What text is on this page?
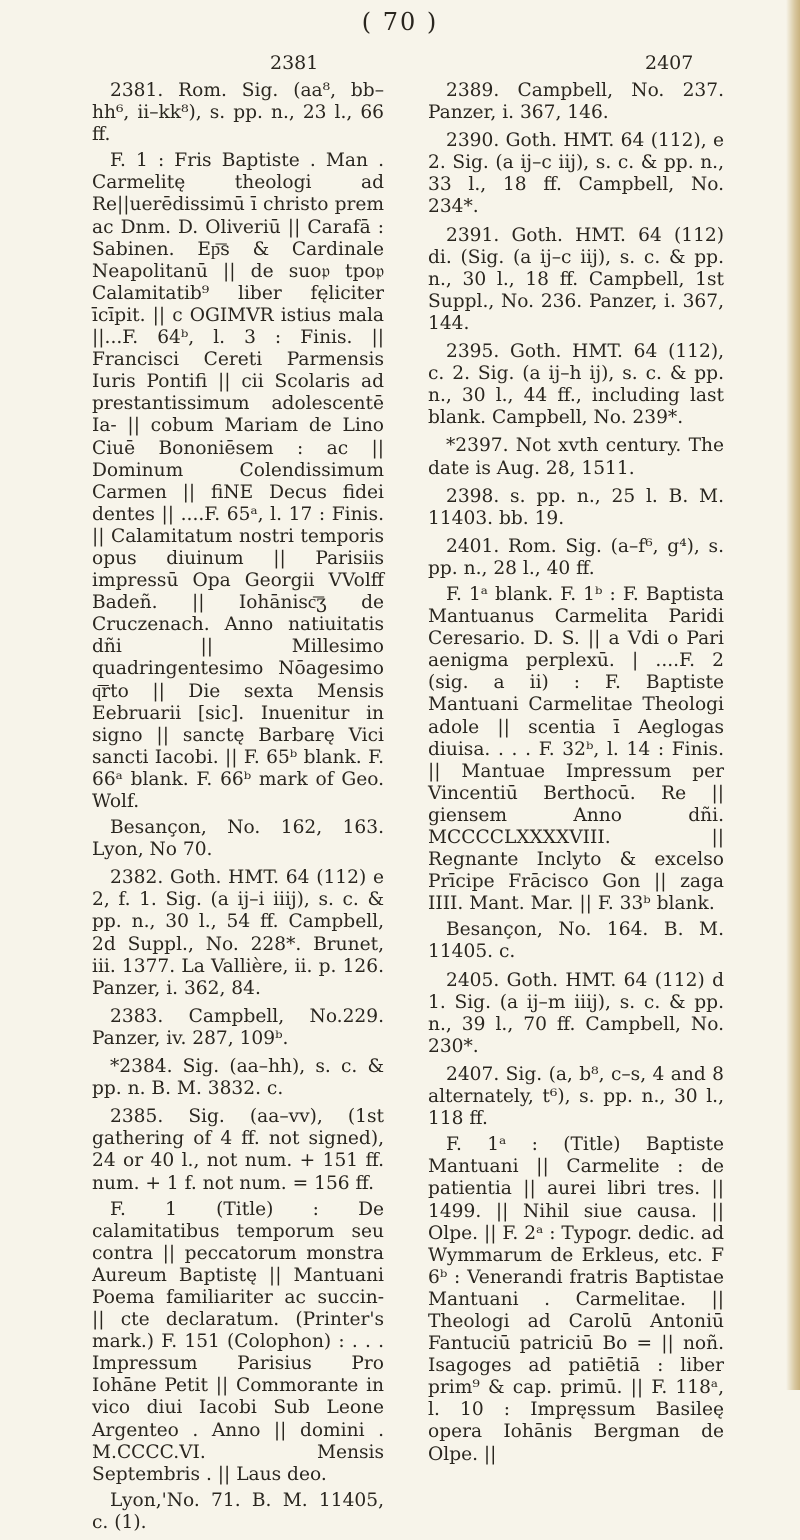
( 70 )
2381	2407

2381. Rom. Sig. (aa⁸, bb–hh⁶, ii–kk⁸), s. pp. n., 23 l., 66 ff.

F. 1 : Fris Baptiste . Man . Carmelitę theologi ad Re||uerēdissimū ī christo prem ac Dnm. D. Oliveriū || Carafā : Sabinen. Ep͞s & Cardinale Neapolitanū || de suo𝔭 tpo𝔭 Calamitatib⁹ liber fęliciter īcīpit. || c OGIMVR istius mala ||...F. 64ᵇ, l. 3 : Finis. || Francisci Cereti Parmensis Iuris Pontifi || cii Scolaris ad prestantissimum adolescentē Ia- || cobum Mariam de Lino Ciuē Bononiēsem : ac || Dominum Colendissimum Carmen || fiNE Decus fidei dentes || ....F. 65ᵃ, l. 17 : Finis. || Calamitatum nostri temporis opus diuinum || Parisiis impressū Opa Georgii VVolff Badeñ. || Iohānisc͞ʒ de Cruczenach. Anno natiuitatis dñi || Millesimo quadringentesimo Nōagesimo q͞rto || Die sexta Mensis Eebruarii [sic]. Inuenitur in signo || sanctę Barbarę Vici sancti Iacobi. || F. 65ᵇ blank. F. 66ᵃ blank. F. 66ᵇ mark of Geo. Wolf.

Besançon, No. 162, 163. Lyon, No 70.

2382. Goth. HMT. 64 (112) e 2, f. 1. Sig. (a ij–i iiij), s. c. & pp. n., 30 l., 54 ff. Campbell, 2d Suppl., No. 228*. Brunet, iii. 1377. La Vallière, ii. p. 126. Panzer, i. 362, 84.

2383. Campbell, No.229. Panzer, iv. 287, 109ᵇ.

*2384. Sig. (aa–hh), s. c. & pp. n. B. M. 3832. c.

2385. Sig. (aa–vv), (1st gathering of 4 ff. not signed), 24 or 40 l., not num. + 151 ff. num. + 1 f. not num. = 156 ff.

F. 1 (Title) : De calamitatibus temporum seu contra || peccatorum monstra Aureum Baptistę || Mantuani Poema familiariter ac succin- || cte declaratum. (Printer's mark.) F. 151 (Colophon) : . . . Impressum Parisius Pro Iohāne Petit || Commorante in vico diui Iacobi Sub Leone Argenteo . Anno || domini . M.CCCC.VI. Mensis Septembris . || Laus deo.

Lyon,'No. 71. B. M. 11405, c. (1).

2389. Campbell, No. 237. Panzer, i. 367, 146.

2390. Goth. HMT. 64 (112), e 2. Sig. (a ij–c iij), s. c. & pp. n., 33 l., 18 ff. Campbell, No. 234*.

2391. Goth. HMT. 64 (112) di. (Sig. (a ij–c iij), s. c. & pp. n., 30 l., 18 ff. Campbell, 1st Suppl., No. 236. Panzer, i. 367, 144.

2395. Goth. HMT. 64 (112), c. 2. Sig. (a ij–h ij), s. c. & pp. n., 30 l., 44 ff., including last blank. Campbell, No. 239*.

*2397. Not xvth century. The date is Aug. 28, 1511.

2398. s. pp. n., 25 l. B. M. 11403. bb. 19.

2401. Rom. Sig. (a–f⁶, g⁴), s. pp. n., 28 l., 40 ff.

F. 1ᵃ blank. F. 1ᵇ : F. Baptista Mantuanus Carmelita Paridi Ceresario. D. S. || a Vdi o Pari aenigma perplexū. | ....F. 2 (sig. a ii) : F. Baptiste Mantuani Carmelitae Theologi adole || scentia ī Aeglogas diuisa. . . . F. 32ᵇ, l. 14 : Finis. || Mantuae Impressum per Vincentiū Berthocū. Re || giensem Anno dñi. MCCCCLXXXXVIII. || Regnante Inclyto & excelso Prīcipe Frācisco Gon || zaga IIII. Mant. Mar. || F. 33ᵇ blank.

Besançon, No. 164. B. M. 11405. c.

2405. Goth. HMT. 64 (112) d 1. Sig. (a ij–m iiij), s. c. & pp. n., 39 l., 70 ff. Campbell, No. 230*.

2407. Sig. (a, b⁸, c–s, 4 and 8 alternately, t⁶), s. pp. n., 30 l., 118 ff.

F. 1ᵃ : (Title) Baptiste Mantuani || Carmelite : de patientia || aurei libri tres. || 1499. || Nihil siue causa. || Olpe. || F. 2ᵃ : Typogr. dedic. ad Wymmarum de Erkleus, etc. F 6ᵇ : Venerandi fratris Baptistae Mantuani . Carmelitae. || Theologi ad Carolū Antoniū Fantuciū patriciū Bo = || noñ. Isagoges ad patiētiā : liber prim⁹ & cap. primū. || F. 118ᵃ, l. 10 : Impręssum Basileę opera Iohānis Bergman de Olpe. ||
